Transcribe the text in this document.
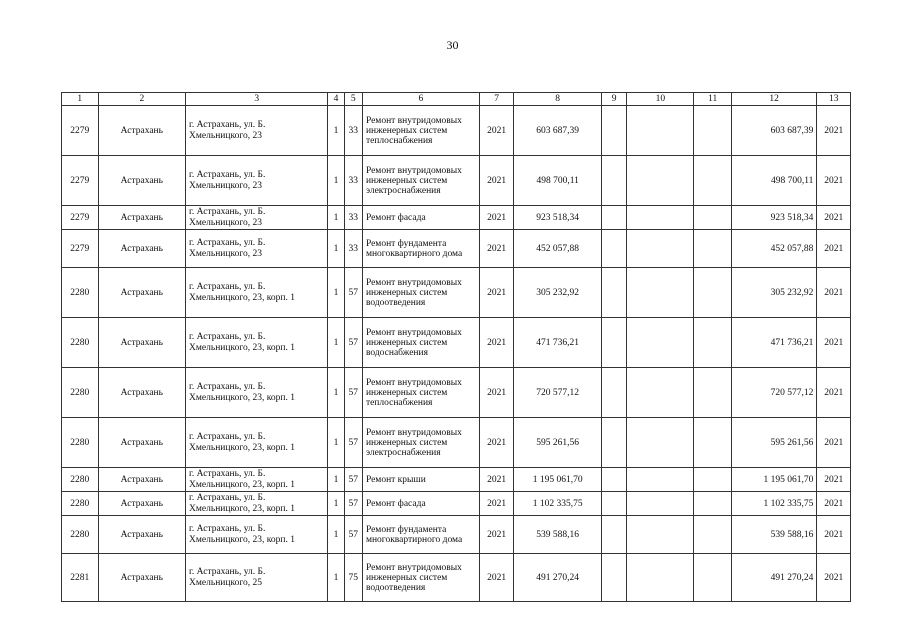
30
1	2	3	4	5	6	7	8	9	10	11	12	13
2279	Астрахань	г. Астрахань, ул. Б. Хмельницкого, 23	1	33	Ремонт внутридомовых инженерных систем теплоснабжения	2021	603 687,39				603 687,39	2021
2279	Астрахань	г. Астрахань, ул. Б. Хмельницкого, 23	1	33	Ремонт внутридомовых инженерных систем электроснабжения	2021	498 700,11				498 700,11	2021
2279	Астрахань	г. Астрахань, ул. Б. Хмельницкого, 23	1	33	Ремонт фасада	2021	923 518,34				923 518,34	2021
2279	Астрахань	г. Астрахань, ул. Б. Хмельницкого, 23	1	33	Ремонт фундамента многоквартирного дома	2021	452 057,88				452 057,88	2021
2280	Астрахань	г. Астрахань, ул. Б. Хмельницкого, 23, корп. 1	1	57	Ремонт внутридомовых инженерных систем водоотведения	2021	305 232,92				305 232,92	2021
2280	Астрахань	г. Астрахань, ул. Б. Хмельницкого, 23, корп. 1	1	57	Ремонт внутридомовых инженерных систем водоснабжения	2021	471 736,21				471 736,21	2021
2280	Астрахань	г. Астрахань, ул. Б. Хмельницкого, 23, корп. 1	1	57	Ремонт внутридомовых инженерных систем теплоснабжения	2021	720 577,12				720 577,12	2021
2280	Астрахань	г. Астрахань, ул. Б. Хмельницкого, 23, корп. 1	1	57	Ремонт внутридомовых инженерных систем электроснабжения	2021	595 261,56				595 261,56	2021
2280	Астрахань	г. Астрахань, ул. Б. Хмельницкого, 23, корп. 1	1	57	Ремонт крыши	2021	1 195 061,70				1 195 061,70	2021
2280	Астрахань	г. Астрахань, ул. Б. Хмельницкого, 23, корп. 1	1	57	Ремонт фасада	2021	1 102 335,75				1 102 335,75	2021
2280	Астрахань	г. Астрахань, ул. Б. Хмельницкого, 23, корп. 1	1	57	Ремонт фундамента многоквартирного дома	2021	539 588,16				539 588,16	2021
2281	Астрахань	г. Астрахань, ул. Б. Хмельницкого, 25	1	75	Ремонт внутридомовых инженерных систем водоотведения	2021	491 270,24				491 270,24	2021
